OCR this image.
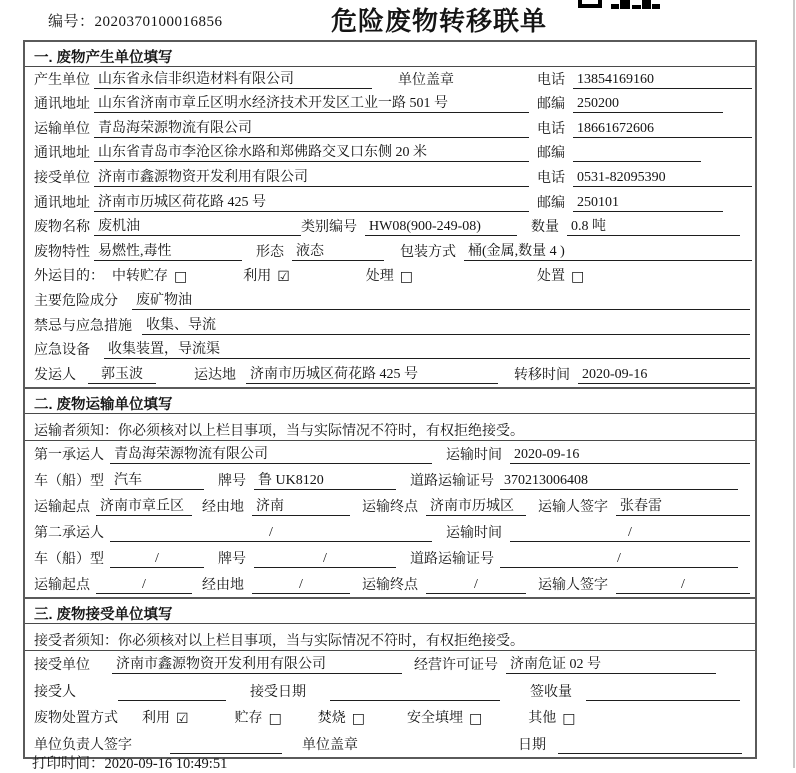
编号：2020370100016856	危险废物转移联单
一. 废物产生单位填写
产生单位 山东省永信非织造材料有限公司	单位盖章	电话 13854169160
通讯地址 山东省济南市章丘区明水经济技术开发区工业一路 501 号	邮编 250200
运输单位 青岛海荣源物流有限公司	电话 18661672606
通讯地址 山东省青岛市李沧区徐水路和郑佛路交叉口东侧 20 米	邮编
接受单位 济南市鑫源物资开发利用有限公司	电话 0531-82095390
通讯地址 济南市历城区荷花路 425 号	邮编 250101
废物名称 废机油	类别编号 HW08(900-249-08)	数量 0.8 吨
废物特性 易燃性,毒性	形态 液态	包装方式 桶(金属,数量 4 )
外运目的： 中转贮存 □	利用 ☑	处理 □	处置 □
主要危险成分 废矿物油
禁忌与应急措施 收集、导流
应急设备 收集装置，导流渠
发运人	郭玉波	运达地 济南市历城区荷花路 425 号	转移时间 2020-09-16
二. 废物运输单位填写
运输者须知：你必须核对以上栏目事项，当与实际情况不符时，有权拒绝接受。
第一承运人 青岛海荣源物流有限公司	运输时间 2020-09-16
车（船）型 汽车	牌号 鲁 UK8120	道路运输证号 370213006408
运输起点 济南市章丘区	经由地 济南	运输终点 济南市历城区	运输人签字 张春雷
第二承运人	/	运输时间	/
车（船）型	/	牌号	/	道路运输证号	/
运输起点	/	经由地	/	运输终点	/	运输人签字	/
三. 废物接受单位填写
接受者须知：你必须核对以上栏目事项，当与实际情况不符时，有权拒绝接受。
接受单位 济南市鑫源物资开发利用有限公司	经营许可证号 济南危证 02 号
接受人	接受日期	签收量
废物处置方式 利用 ☑	贮存 □	焚烧 □	安全填埋 □	其他 □
单位负责人签字	单位盖章	日期
打印时间：2020-09-16 10:49:51
